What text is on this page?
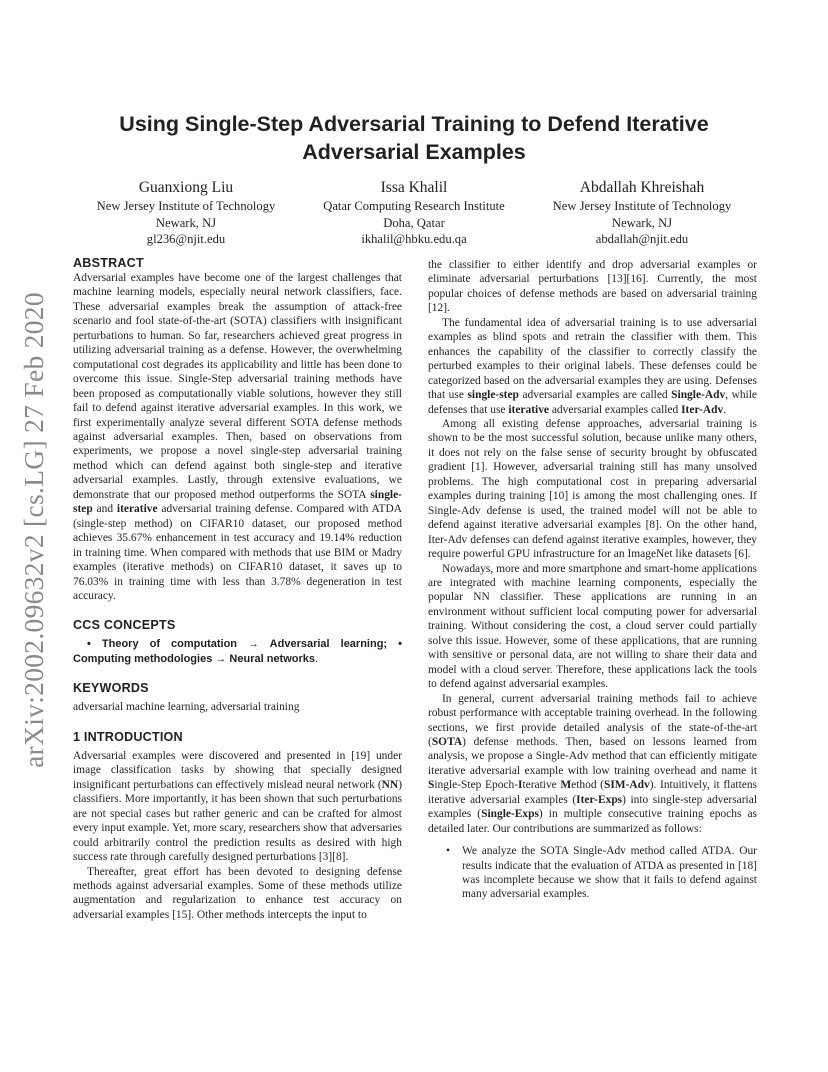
arXiv:2002.09632v2 [cs.LG] 27 Feb 2020
Using Single-Step Adversarial Training to Defend Iterative Adversarial Examples
Guanxiong Liu
New Jersey Institute of Technology
Newark, NJ
gl236@njit.edu
Issa Khalil
Qatar Computing Research Institute
Doha, Qatar
ikhalil@hbku.edu.qa
Abdallah Khreishah
New Jersey Institute of Technology
Newark, NJ
abdallah@njit.edu
ABSTRACT

Adversarial examples have become one of the largest challenges that machine learning models, especially neural network classifiers, face. These adversarial examples break the assumption of attack-free scenario and fool state-of-the-art (SOTA) classifiers with insignificant perturbations to human. So far, researchers achieved great progress in utilizing adversarial training as a defense. However, the overwhelming computational cost degrades its applicability and little has been done to overcome this issue. Single-Step adversarial training methods have been proposed as computationally viable solutions, however they still fail to defend against iterative adversarial examples. In this work, we first experimentally analyze several different SOTA defense methods against adversarial examples. Then, based on observations from experiments, we propose a novel single-step adversarial training method which can defend against both single-step and iterative adversarial examples. Lastly, through extensive evaluations, we demonstrate that our proposed method outperforms the SOTA single-step and iterative adversarial training defense. Compared with ATDA (single-step method) on CIFAR10 dataset, our proposed method achieves 35.67% enhancement in test accuracy and 19.14% reduction in training time. When compared with methods that use BIM or Madry examples (iterative methods) on CIFAR10 dataset, it saves up to 76.03% in training time with less than 3.78% degeneration in test accuracy.

CCS CONCEPTS

• Theory of computation → Adversarial learning; • Computing methodologies → Neural networks.

KEYWORDS

adversarial machine learning, adversarial training

1 INTRODUCTION

Adversarial examples were discovered and presented in [19] under image classification tasks by showing that specially designed insignificant perturbations can effectively mislead neural network (NN) classifiers. More importantly, it has been shown that such perturbations are not special cases but rather generic and can be crafted for almost every input example. Yet, more scary, researchers show that adversaries could arbitrarily control the prediction results as desired with high success rate through carefully designed perturbations [3][8].

Thereafter, great effort has been devoted to designing defense methods against adversarial examples. Some of these methods utilize augmentation and regularization to enhance test accuracy on adversarial examples [15]. Other methods intercepts the input to

the classifier to either identify and drop adversarial examples or eliminate adversarial perturbations [13][16]. Currently, the most popular choices of defense methods are based on adversarial training [12].

The fundamental idea of adversarial training is to use adversarial examples as blind spots and retrain the classifier with them. This enhances the capability of the classifier to correctly classify the perturbed examples to their original labels. These defenses could be categorized based on the adversarial examples they are using. Defenses that use single-step adversarial examples are called Single-Adv, while defenses that use iterative adversarial examples called Iter-Adv.

Among all existing defense approaches, adversarial training is shown to be the most successful solution, because unlike many others, it does not rely on the false sense of security brought by obfuscated gradient [1]. However, adversarial training still has many unsolved problems. The high computational cost in preparing adversarial examples during training [10] is among the most challenging ones. If Single-Adv defense is used, the trained model will not be able to defend against iterative adversarial examples [8]. On the other hand, Iter-Adv defenses can defend against iterative examples, however, they require powerful GPU infrastructure for an ImageNet like datasets [6].

Nowadays, more and more smartphone and smart-home applications are integrated with machine learning components, especially the popular NN classifier. These applications are running in an environment without sufficient local computing power for adversarial training. Without considering the cost, a cloud server could partially solve this issue. However, some of these applications, that are running with sensitive or personal data, are not willing to share their data and model with a cloud server. Therefore, these applications lack the tools to defend against adversarial examples.

In general, current adversarial training methods fail to achieve robust performance with acceptable training overhead. In the following sections, we first provide detailed analysis of the state-of-the-art (SOTA) defense methods. Then, based on lessons learned from analysis, we propose a Single-Adv method that can efficiently mitigate iterative adversarial example with low training overhead and name it Single-Step Epoch-Iterative Method (SIM-Adv). Intuitively, it flattens iterative adversarial examples (Iter-Exps) into single-step adversarial examples (Single-Exps) in multiple consecutive training epochs as detailed later. Our contributions are summarized as follows:

• We analyze the SOTA Single-Adv method called ATDA. Our results indicate that the evaluation of ATDA as presented in [18] was incomplete because we show that it fails to defend against many adversarial examples.
